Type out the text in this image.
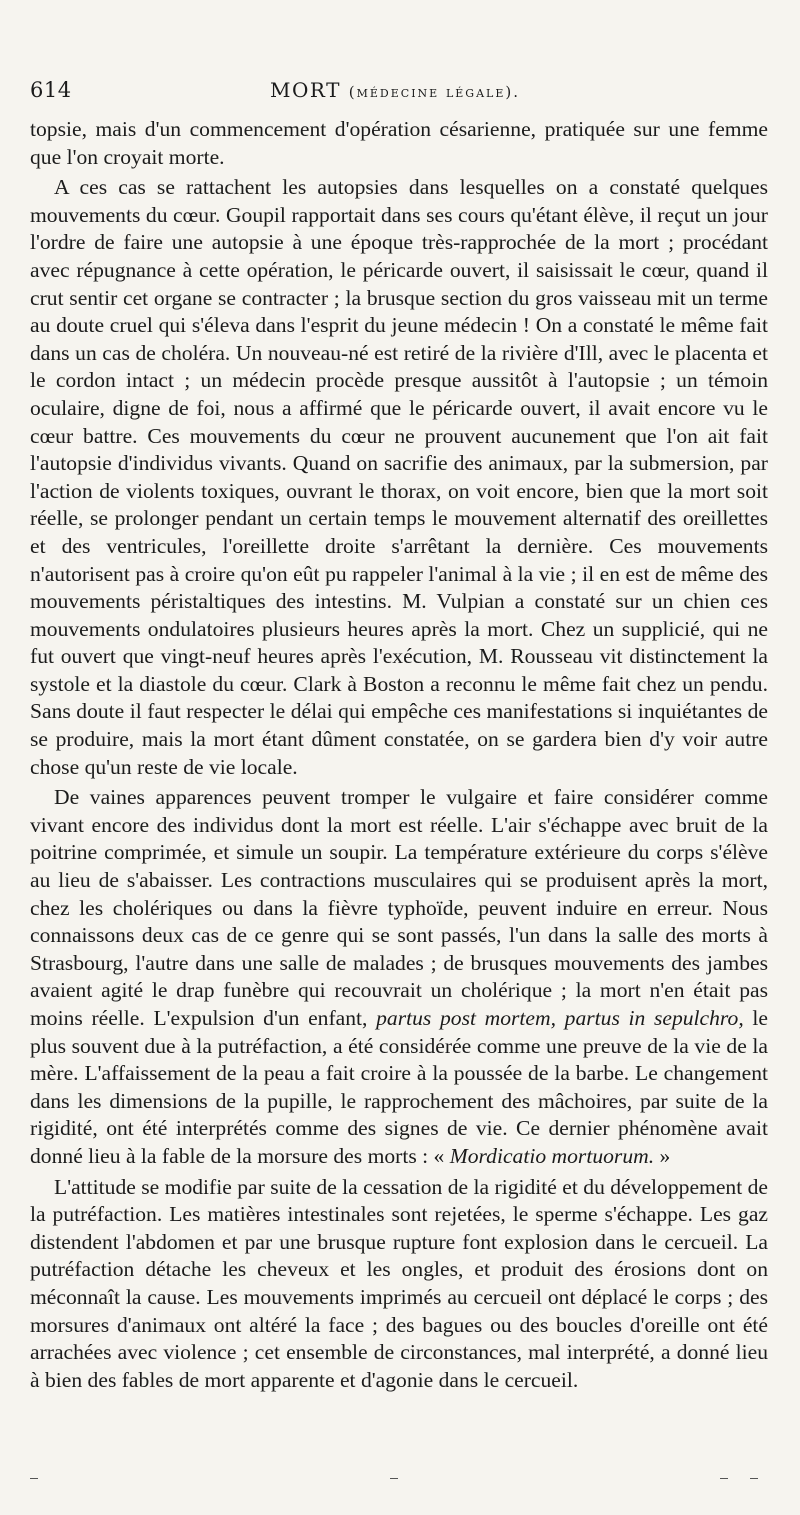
614	MORT (médecine légale).

topsie, mais d'un commencement d'opération césarienne, pratiquée sur une femme que l'on croyait morte.

A ces cas se rattachent les autopsies dans lesquelles on a constaté quelques mouvements du cœur. Goupil rapportait dans ses cours qu'étant élève, il reçut un jour l'ordre de faire une autopsie à une époque très-rapprochée de la mort ; procédant avec répugnance à cette opération, le péricarde ouvert, il saisissait le cœur, quand il crut sentir cet organe se contracter ; la brusque section du gros vaisseau mit un terme au doute cruel qui s'éleva dans l'esprit du jeune médecin ! On a constaté le même fait dans un cas de choléra. Un nouveau-né est retiré de la rivière d'Ill, avec le placenta et le cordon intact ; un médecin procède presque aussitôt à l'autopsie ; un témoin oculaire, digne de foi, nous a affirmé que le péricarde ouvert, il avait encore vu le cœur battre. Ces mouvements du cœur ne prouvent aucunement que l'on ait fait l'autopsie d'individus vivants. Quand on sacrifie des animaux, par la submersion, par l'action de violents toxiques, ouvrant le thorax, on voit encore, bien que la mort soit réelle, se prolonger pendant un certain temps le mouvement alternatif des oreillettes et des ventricules, l'oreillette droite s'arrêtant la dernière. Ces mouvements n'autorisent pas à croire qu'on eût pu rappeler l'animal à la vie ; il en est de même des mouvements péristaltiques des intestins. M. Vulpian a constaté sur un chien ces mouvements ondulatoires plusieurs heures après la mort. Chez un supplicié, qui ne fut ouvert que vingt-neuf heures après l'exécution, M. Rousseau vit distinctement la systole et la diastole du cœur. Clark à Boston a reconnu le même fait chez un pendu. Sans doute il faut respecter le délai qui empêche ces manifestations si inquiétantes de se produire, mais la mort étant dûment constatée, on se gardera bien d'y voir autre chose qu'un reste de vie locale.

De vaines apparences peuvent tromper le vulgaire et faire considérer comme vivant encore des individus dont la mort est réelle. L'air s'échappe avec bruit de la poitrine comprimée, et simule un soupir. La température extérieure du corps s'élève au lieu de s'abaisser. Les contractions musculaires qui se produisent après la mort, chez les cholériques ou dans la fièvre typhoïde, peuvent induire en erreur. Nous connaissons deux cas de ce genre qui se sont passés, l'un dans la salle des morts à Strasbourg, l'autre dans une salle de malades ; de brusques mouvements des jambes avaient agité le drap funèbre qui recouvrait un cholérique ; la mort n'en était pas moins réelle. L'expulsion d'un enfant, partus post mortem, partus in sepulchro, le plus souvent due à la putréfaction, a été considérée comme une preuve de la vie de la mère. L'affaissement de la peau a fait croire à la poussée de la barbe. Le changement dans les dimensions de la pupille, le rapprochement des mâchoires, par suite de la rigidité, ont été interprétés comme des signes de vie. Ce dernier phénomène avait donné lieu à la fable de la morsure des morts : « Mordicatio mortuorum. »

L'attitude se modifie par suite de la cessation de la rigidité et du développement de la putréfaction. Les matières intestinales sont rejetées, le sperme s'échappe. Les gaz distendent l'abdomen et par une brusque rupture font explosion dans le cercueil. La putréfaction détache les cheveux et les ongles, et produit des érosions dont on méconnaît la cause. Les mouvements imprimés au cercueil ont déplacé le corps ; des morsures d'animaux ont altéré la face ; des bagues ou des boucles d'oreille ont été arrachées avec violence ; cet ensemble de circonstances, mal interprété, a donné lieu à bien des fables de mort apparente et d'agonie dans le cercueil.
